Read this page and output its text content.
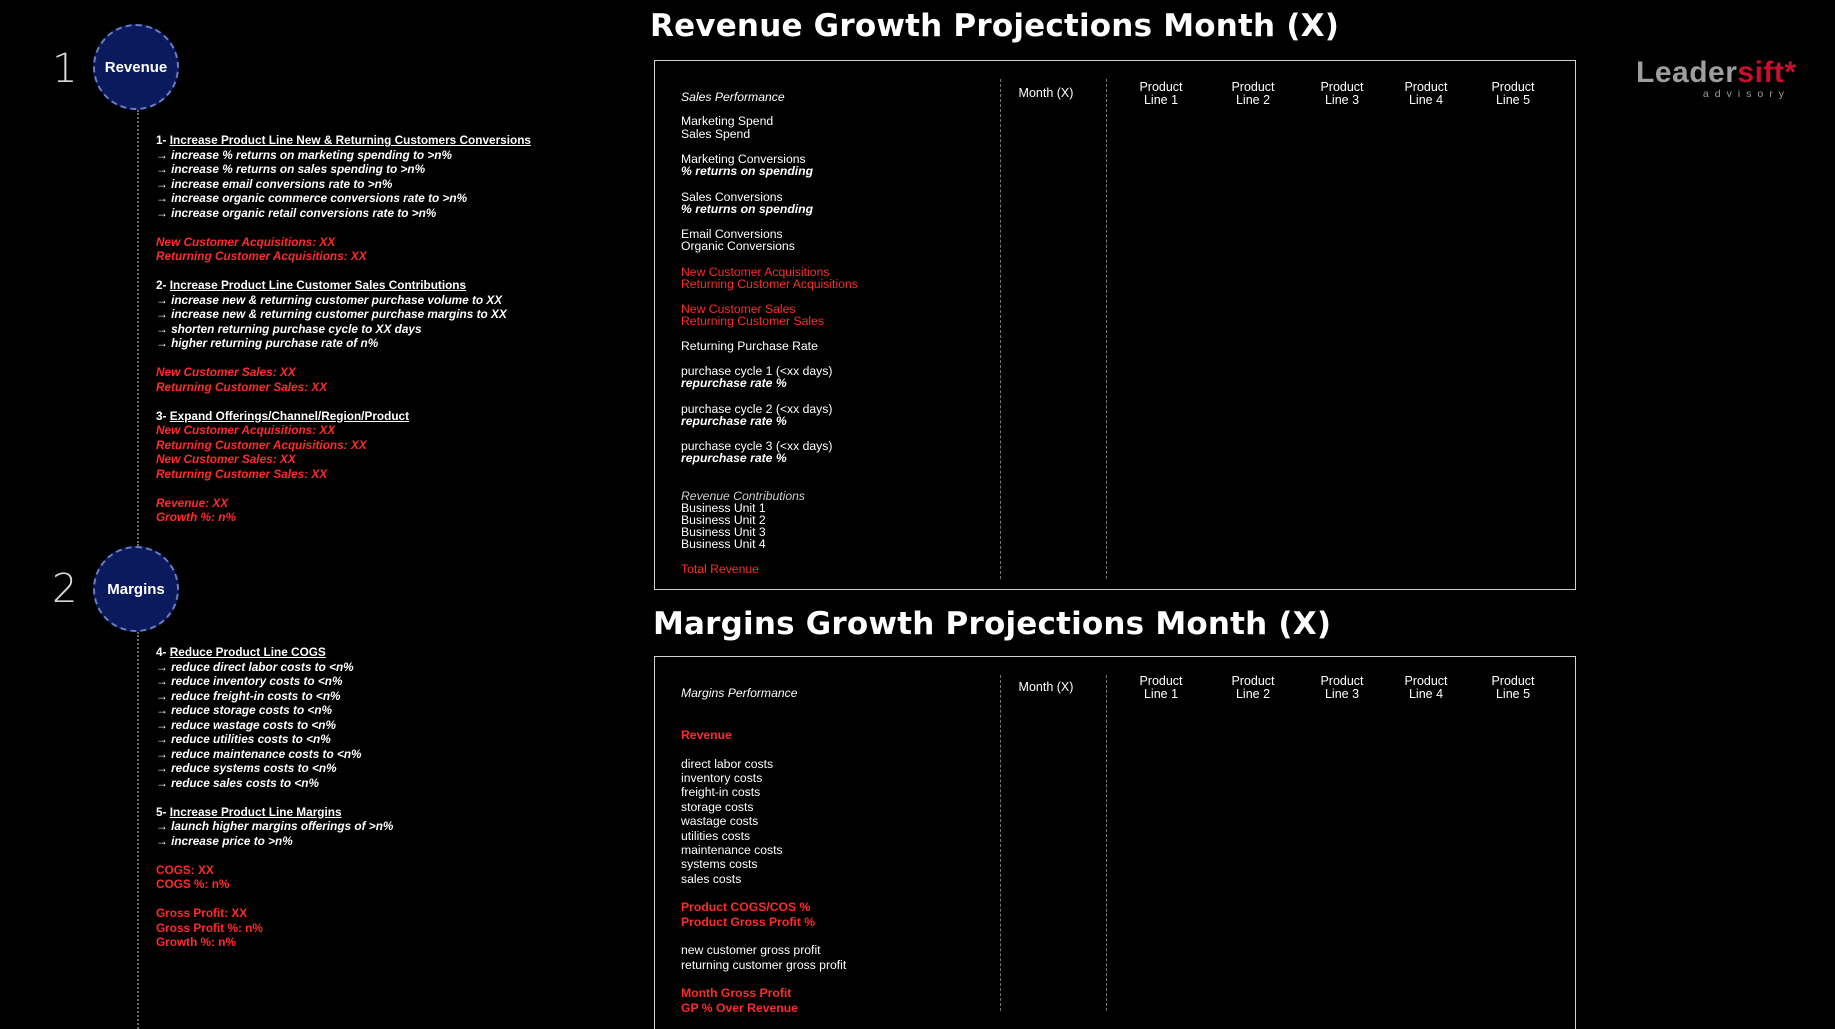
1 Revenue
2 Margins
1- Increase Product Line New & Returning Customers Conversions
→ increase % returns on marketing spending to >n%
→ increase % returns on sales spending to >n%
→ increase email conversions rate to >n%
→ increase organic commerce conversions rate to >n%
→ increase organic retail conversions rate to >n%
New Customer Acquisitions: XX
Returning Customer Acquisitions: XX
2- Increase Product Line Customer Sales Contributions
→ increase new & returning customer purchase volume to XX
→ increase new & returning customer purchase margins to XX
→ shorten returning purchase cycle to XX days
→ higher returning purchase rate of n%
New Customer Sales: XX
Returning Customer Sales: XX
3- Expand Offerings/Channel/Region/Product
New Customer Acquisitions: XX
Returning Customer Acquisitions: XX
New Customer Sales: XX
Returning Customer Sales: XX
Revenue: XX
Growth %: n%
4- Reduce Product Line COGS
→ reduce direct labor costs to <n%
→ reduce inventory costs to <n%
→ reduce freight-in costs to <n%
→ reduce storage costs to <n%
→ reduce wastage costs to <n%
→ reduce utilities costs to <n%
→ reduce maintenance costs to <n%
→ reduce systems costs to <n%
→ reduce sales costs to <n%
5- Increase Product Line Margins
→ launch higher margins offerings of >n%
→ increase price to >n%
COGS: XX
COGS %: n%
Gross Profit: XX
Gross Profit %: n%
Growth %: n%
Revenue Growth Projections Month (X)
Margins Growth Projections Month (X)
Leadersift*
advisory
Month (X)	Product
Line 1
Product
Line 2
Product
Line 3
Product
Line 4
Product
Line 5
Sales Performance
Marketing Spend
Sales Spend
Marketing Conversions
% returns on spending
Sales Conversions
% returns on spending
Email Conversions
Organic Conversions
New Customer Acquisitions
Returning Customer Acquisitions
New Customer Sales
Returning Customer Sales
Returning Purchase Rate
purchase cycle 1 (<xx days)
repurchase rate %
purchase cycle 2 (<xx days)
repurchase rate %
purchase cycle 3 (<xx days)
repurchase rate %
Revenue Contributions
Business Unit 1
Business Unit 2
Business Unit 3
Business Unit 4
Total Revenue
Month (X)	Product
Line 1
Product
Line 2
Product
Line 3
Product
Line 4
Product
Line 5
Margins Performance
Revenue
direct labor costs
inventory costs
freight-in costs
storage costs
wastage costs
utilities costs
maintenance costs
systems costs
sales costs
Product COGS/COS %
Product Gross Profit %
new customer gross profit
returning customer gross profit
Month Gross Profit
GP % Over Revenue
